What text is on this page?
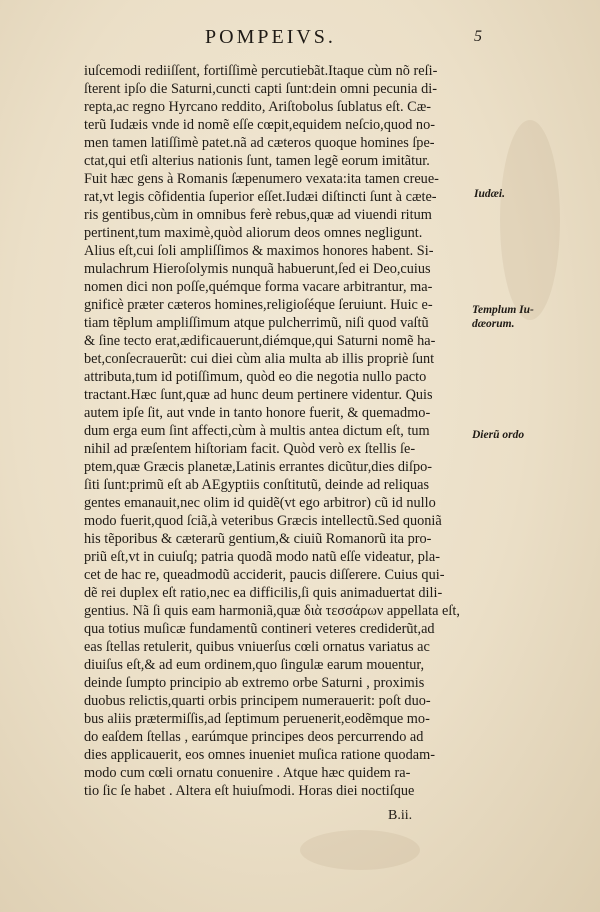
POMPEIVS.	5
iuſcemodi rediiſſent, fortiſſimè percutiebãt.Itaque cùm nõ reſi-
ſterent ipſo die Saturni,cuncti capti ſunt:dein omni pecunia di-
repta,ac regno Hyrcano reddito, Ariſtobolus ſublatus eſt. Cæ-
terũ Iudæis vnde id nomẽ eſſe cœpit,equidem neſcio,quod no-
men tamen latiſſimè patet.nã ad cæteros quoque homines ſpe-
ctat,qui etſi alterius nationis ſunt, tamen legẽ eorum imitãtur.
Fuit hæc gens à Romanis ſæpenumero vexata:ita tamen creue-
rat,vt legis cõfidentia ſuperior eſſet.Iudæi diſtincti ſunt à cæte-
ris gentibus,cùm in omnibus ferè rebus,quæ ad viuendi ritum
pertinent,tum maximè,quòd aliorum deos omnes negligunt.
Alius eſt,cui ſoli ampliſſimos & maximos honores habent. Si-
mulachrum Hieroſolymis nunquã habuerunt,ſed ei Deo,cuius
nomen dici non poſſe,quémque forma vacare arbitrantur, ma-
gnificè præter cæteros homines,religioſéque ſeruiunt. Huic e-
tiam tẽplum ampliſſimum atque pulcherrimũ, niſi quod vaſtũ
& ſine tecto erat,ædificauerunt,diémque,qui Saturni nomẽ ha-
bet,conſecrauerũt: cui diei cùm alia multa ab illis propriè ſunt
attributa,tum id potiſſimum, quòd eo die negotia nullo pacto
tractant.Hæc ſunt,quæ ad hunc deum pertinere videntur. Quis
autem ipſe ſit, aut vnde in tanto honore fuerit, & quemadmo-
dum erga eum ſint affecti,cùm à multis antea dictum eſt, tum
nihil ad præſentem hiſtoriam facit. Quòd verò ex ſtellis ſe-
ptem,quæ Græcis planetæ,Latinis errantes dicũtur,dies diſpo-
ſiti ſunt:primũ eſt ab AEgyptiis conſtitutũ, deinde ad reliquas
gentes emanauit,nec olim id quidẽ(vt ego arbitror) cũ id nullo
modo fuerit,quod ſciã,à veteribus Græcis intellectũ.Sed quoniã
his tẽporibus & cæterarũ gentium,& ciuiũ Romanorũ ita pro-
priũ eſt,vt in cuiuſq; patria quodã modo natũ eſſe videatur, pla-
cet de hac re, queadmodũ acciderit, paucis diſſerere. Cuius qui-
dẽ rei duplex eſt ratio,nec ea difficilis,ſi quis animaduertat dili-
gentius. Nã ſi quis eam harmoniã,quæ διὰ τεσσάρων appellata eſt,
qua totius muſicæ fundamentũ contineri veteres crediderũt,ad
eas ſtellas retulerit, quibus vniuerſus cœli ornatus variatus ac
diuiſus eſt,& ad eum ordinem,quo ſingulæ earum mouentur,
deinde ſumpto principio ab extremo orbe Saturni , proximis
duobus relictis,quarti orbis principem numerauerit: poſt duo-
bus aliis prætermiſſis,ad ſeptimum peruenerit,eodẽmque mo-
do eaſdem ſtellas , earúmque principes deos percurrendo ad
dies applicauerit, eos omnes inueniet muſica ratione quodam-
modo cum cœli ornatu conuenire . Atque hæc quidem ra-
tio ſic ſe habet . Altera eſt huiuſmodi. Horas diei noctiſque
Iudæi.
Templum Iu-
dæorum.
Dierũ ordo
B.ii.
